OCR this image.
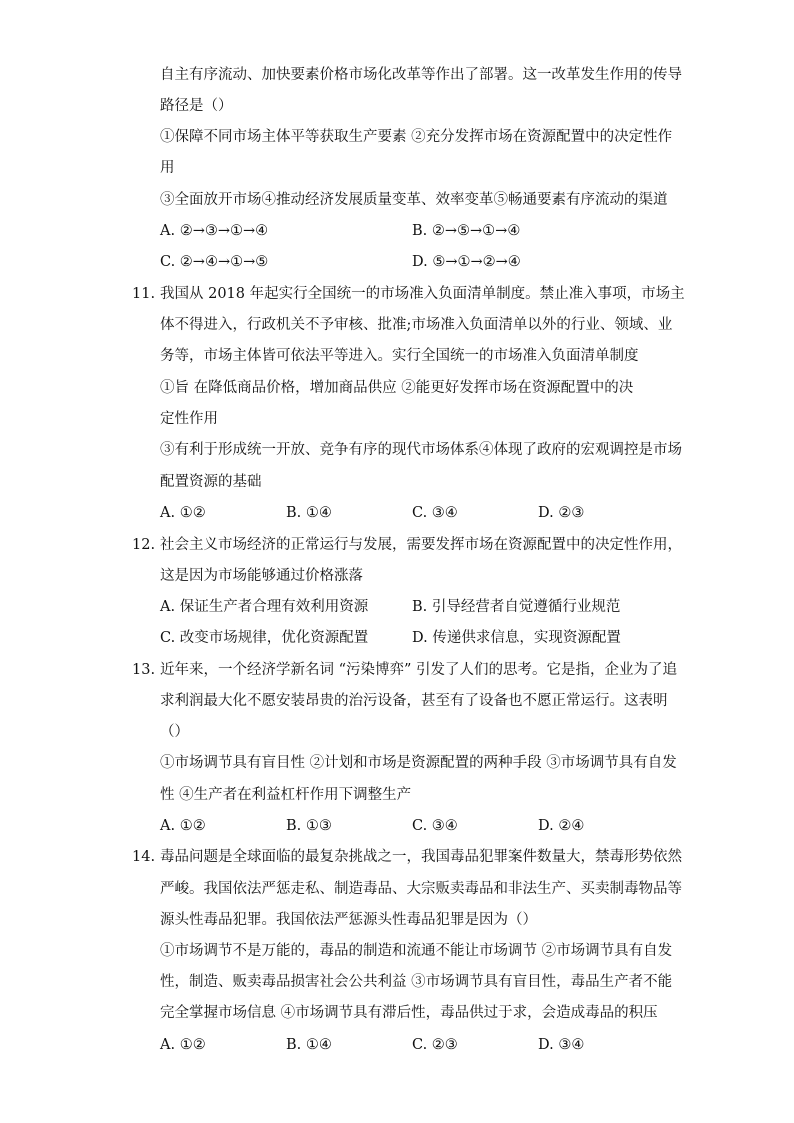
自主有序流动、加快要素价格市场化改革等作出了部署。这一改革发生作用的传导
路径是（）
①保障不同市场主体平等获取生产要素 ②充分发挥市场在资源配置中的决定性作
用
③全面放开市场④推动经济发展质量变革、效率变革⑤畅通要素有序流动的渠道
A. ②→③→①→④	B. ②→⑤→①→④
C. ②→④→①→⑤	D. ⑤→①→②→④
11. 我国从 2018 年起实行全国统一的市场准入负面清单制度。禁止准入事项，市场主
体不得进入，行政机关不予审核、批准;市场准入负面清单以外的行业、领域、业
务等，市场主体皆可依法平等进入。实行全国统一的市场准入负面清单制度
①旨 在降低商品价格，增加商品供应 ②能更好发挥市场在资源配置中的决
定性作用
③有利于形成统一开放、竞争有序的现代市场体系④体现了政府的宏观调控是市场
配置资源的基础
A. ①②	B. ①④	C. ③④	D. ②③
12. 社会主义市场经济的正常运行与发展，需要发挥市场在资源配置中的决定性作用，
这是因为市场能够通过价格涨落
A. 保证生产者合理有效利用资源	B. 引导经营者自觉遵循行业规范
C. 改变市场规律，优化资源配置	D. 传递供求信息，实现资源配置
13. 近年来，一个经济学新名词 “污染博弈” 引发了人们的思考。它是指，企业为了追
求利润最大化不愿安装昂贵的治污设备，甚至有了设备也不愿正常运行。这表明
（）
①市场调节具有盲目性 ②计划和市场是资源配置的两种手段 ③市场调节具有自发
性 ④生产者在利益杠杆作用下调整生产
A. ①②	B. ①③	C. ③④	D. ②④
14. 毒品问题是全球面临的最复杂挑战之一，我国毒品犯罪案件数量大，禁毒形势依然
严峻。我国依法严惩走私、制造毒品、大宗贩卖毒品和非法生产、买卖制毒物品等
源头性毒品犯罪。我国依法严惩源头性毒品犯罪是因为（）
①市场调节不是万能的，毒品的制造和流通不能让市场调节 ②市场调节具有自发
性，制造、贩卖毒品损害社会公共利益 ③市场调节具有盲目性，毒品生产者不能
完全掌握市场信息 ④市场调节具有滞后性，毒品供过于求，会造成毒品的积压
A. ①②	B. ①④	C. ②③	D. ③④
